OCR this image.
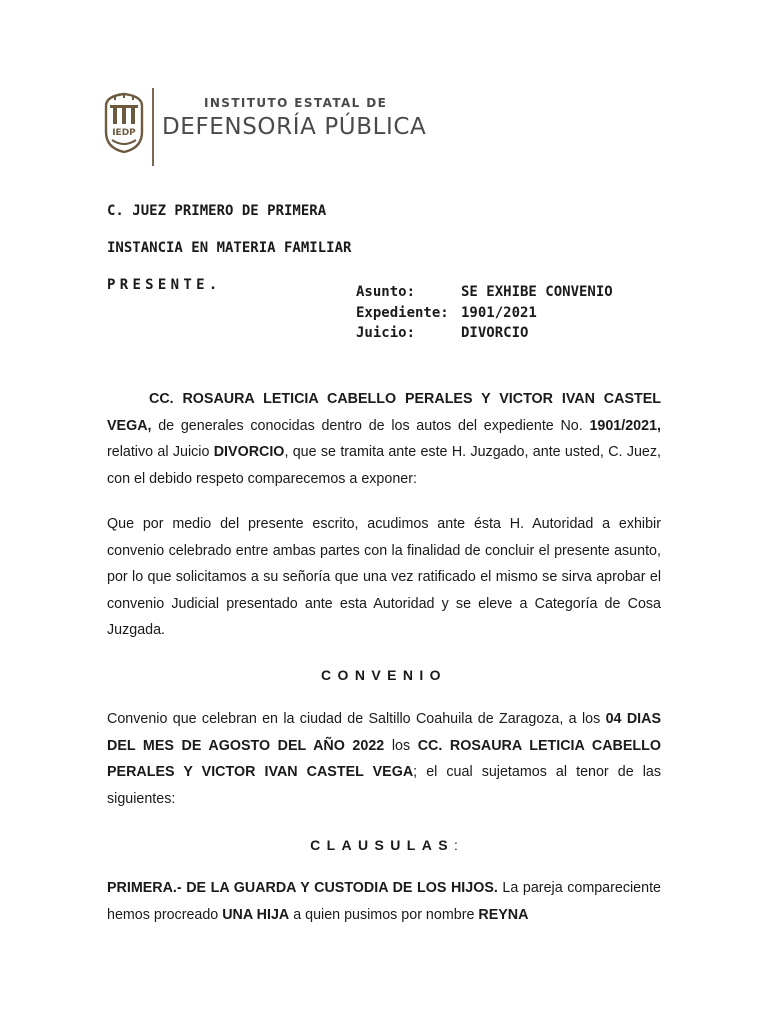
IEDP
INSTITUTO ESTATAL DE
DEFENSORÍA PÚBLICA
C. JUEZ PRIMERO DE PRIMERA
INSTANCIA EN MATERIA FAMILIAR
PRESENTE.	Asunto:	SE EXHIBE CONVENIO
Expediente: 1901/2021
Juicio:	DIVORCIO
CC. ROSAURA LETICIA CABELLO PERALES Y VICTOR IVAN CASTEL VEGA, de generales conocidas dentro de los autos del expediente No. 1901/2021, relativo al Juicio DIVORCIO, que se tramita ante este H. Juzgado, ante usted, C. Juez, con el debido respeto comparecemos a exponer:
Que por medio del presente escrito, acudimos ante ésta H. Autoridad a exhibir convenio celebrado entre ambas partes con la finalidad de concluir el presente asunto, por lo que solicitamos a su señoría que una vez ratificado el mismo se sirva aprobar el convenio Judicial presentado ante esta Autoridad y se eleve a Categoría de Cosa Juzgada.
CONVENIO
Convenio que celebran en la ciudad de Saltillo Coahuila de Zaragoza, a los 04 DIAS DEL MES DE AGOSTO DEL AÑO 2022 los CC. ROSAURA LETICIA CABELLO PERALES Y VICTOR IVAN CASTEL VEGA; el cual sujetamos al tenor de las siguientes:
CLAUSULAS:
PRIMERA.- DE LA GUARDA Y CUSTODIA DE LOS HIJOS. La pareja compareciente hemos procreado UNA HIJA a quien pusimos por nombre REYNA
